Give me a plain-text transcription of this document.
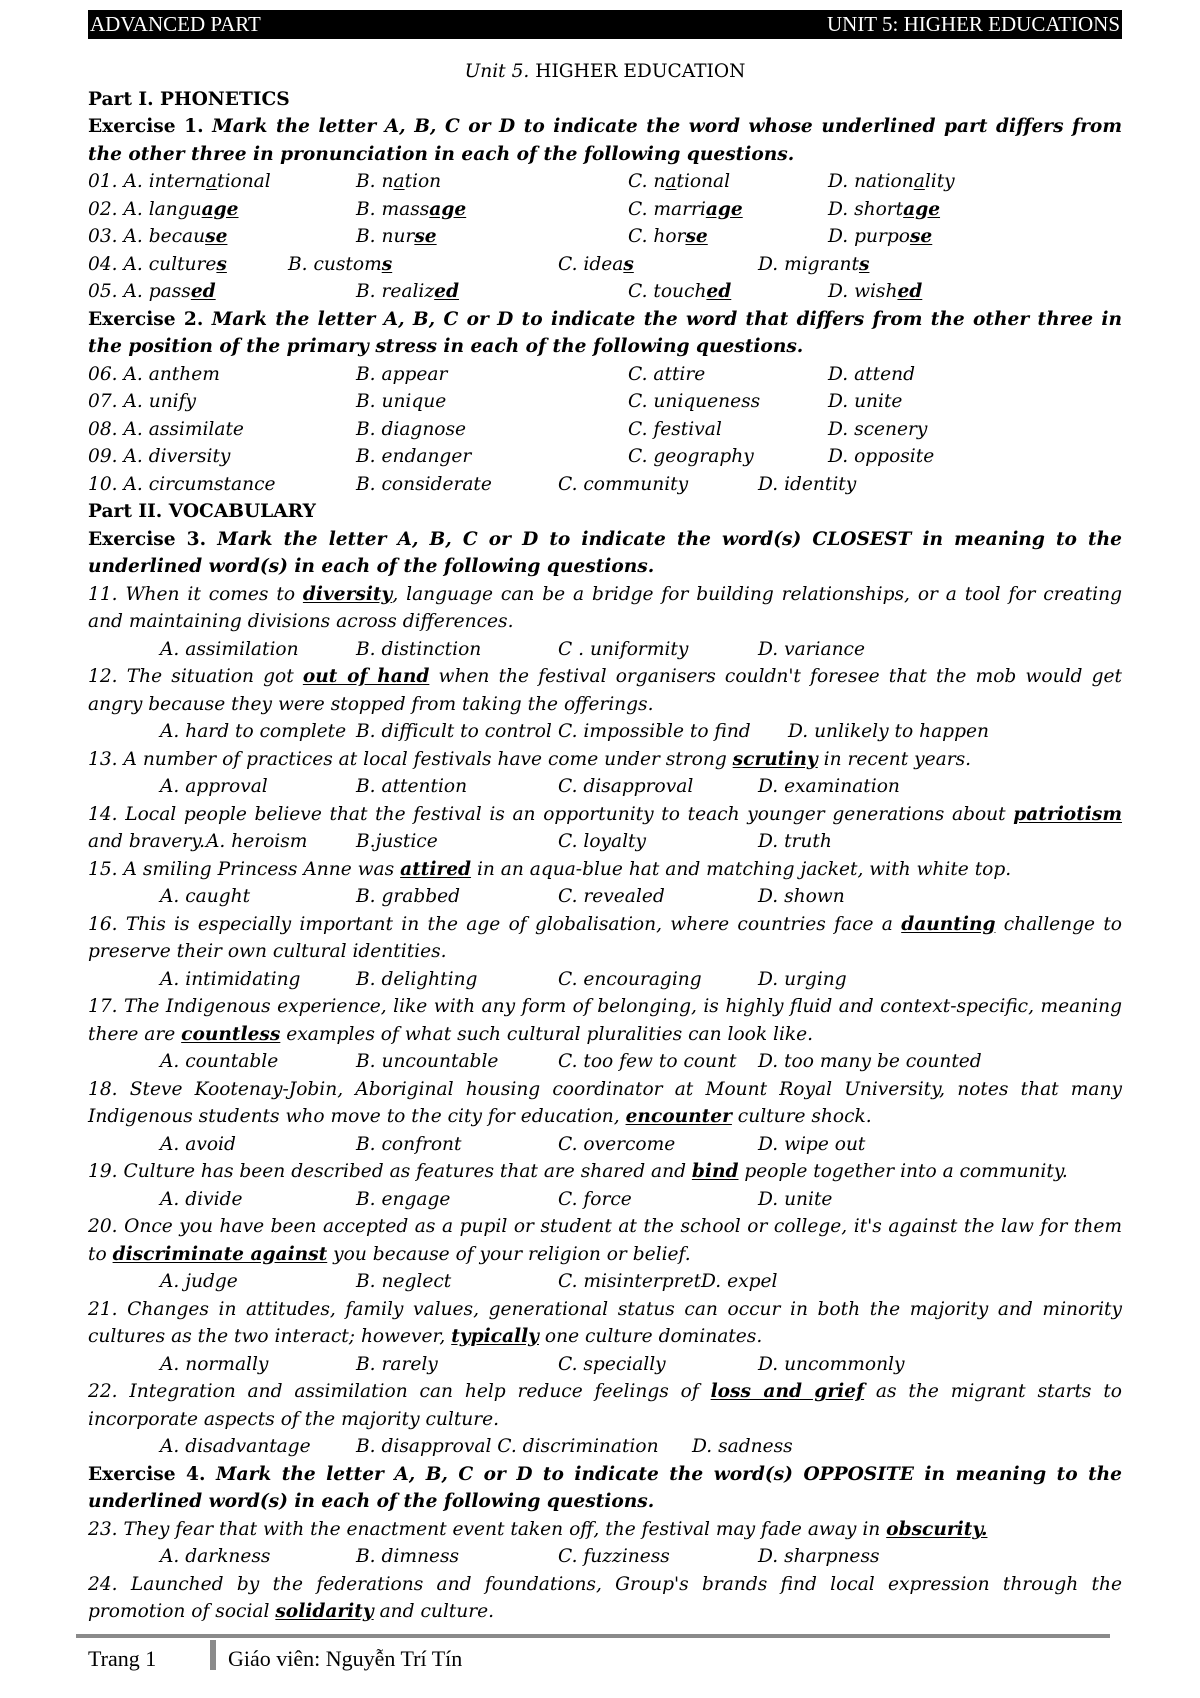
ADVANCED PART	UNIT 5: HIGHER EDUCATIONS
Unit 5. HIGHER EDUCATION
Part I. PHONETICS
Exercise 1. Mark the letter A, B, C or D to indicate the word whose underlined part differs from the other three in pronunciation in each of the following questions.
01. A. international	B. nation	C. national	D. nationality
02. A. language	B. massage	C. marriage	D. shortage
03. A. because	B. nurse	C. horse	D. purpose
04. A. cultures	B. customs	C. ideas	D. migrants
05. A. passed	B. realized	C. touched	D. wished
Exercise 2. Mark the letter A, B, C or D to indicate the word that differs from the other three in the position of the primary stress in each of the following questions.
06. A. anthem	B. appear	C. attire	D. attend
07. A. unify	B. unique	C. uniqueness	D. unite
08. A. assimilate	B. diagnose	C. festival	D. scenery
09. A. diversity	B. endanger	C. geography	D. opposite
10. A. circumstance	B. considerate	C. community	D. identity
Part II. VOCABULARY
Exercise 3. Mark the letter A, B, C or D to indicate the word(s) CLOSEST in meaning to the underlined word(s) in each of the following questions.
11. When it comes to diversity, language can be a bridge for building relationships, or a tool for creating and maintaining divisions across differences.
A. assimilation	B. distinction	C . uniformity	D. variance
12. The situation got out of hand when the festival organisers couldn't foresee that the mob would get angry because they were stopped from taking the offerings.
A. hard to complete B. difficult to control C. impossible to find D. unlikely to happen
13. A number of practices at local festivals have come under strong scrutiny in recent years.
A. approval	B. attention	C. disapproval	D. examination
14. Local people believe that the festival is an opportunity to teach younger generations about patriotism and bravery. A. heroism	B.justice	C. loyalty	D. truth
15. A smiling Princess Anne was attired in an aqua-blue hat and matching jacket, with white top.
A. caught	B. grabbed	C. revealed	D. shown
16. This is especially important in the age of globalisation, where countries face a daunting challenge to preserve their own cultural identities.
A. intimidating	B. delighting	C. encouraging	D. urging
17. The Indigenous experience, like with any form of belonging, is highly fluid and context-specific, meaning there are countless examples of what such cultural pluralities can look like.
A. countable	B. uncountable	C. too few to count D. too many be counted
18. Steve Kootenay-Jobin, Aboriginal housing coordinator at Mount Royal University, notes that many Indigenous students who move to the city for education, encounter culture shock.
A. avoid	B. confront	C. overcome	D. wipe out
19. Culture has been described as features that are shared and bind people together into a community.
A. divide	B. engage	C. force	D. unite
20. Once you have been accepted as a pupil or student at the school or college, it's against the law for them to discriminate against you because of your religion or belief.
A. judge	B. neglect	C. misinterpretD. expel
21. Changes in attitudes, family values, generational status can occur in both the majority and minority cultures as the two interact; however, typically one culture dominates.
A. normally	B. rarely	C. specially	D. uncommonly
22. Integration and assimilation can help reduce feelings of loss and grief as the migrant starts to incorporate aspects of the majority culture.
A. disadvantage B. disapproval C. discrimination D. sadness
Exercise 4. Mark the letter A, B, C or D to indicate the word(s) OPPOSITE in meaning to the underlined word(s) in each of the following questions.
23. They fear that with the enactment event taken off, the festival may fade away in obscurity.
A. darkness	B. dimness	C. fuzziness	D. sharpness
24. Launched by the federations and foundations, Group's brands find local expression through the promotion of social solidarity and culture.
Trang 1	Giáo viên: Nguyễn Trí Tín
